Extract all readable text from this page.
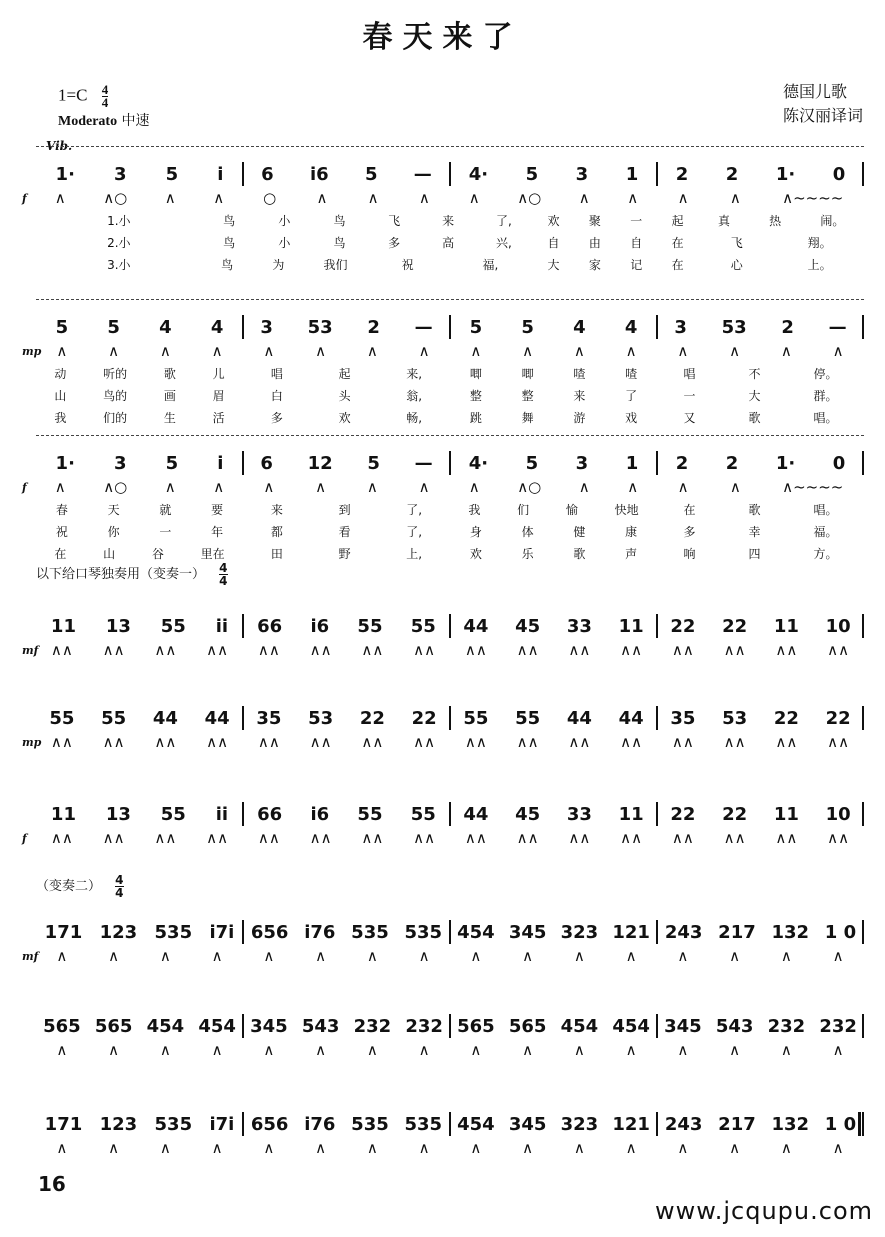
春天来了
$1=C \frac{4}{4}$
Moderato 中速
德国儿歌
陈汉丽译词
Vib.
1· 3 5 i 6 i6 5 — 4· 5 3 1 2 2 1· 0
∧ ∧○ ∧ ∧	○	∧	∧	∧	∧ ∧○ ∧ ∧	∧	∧	∧~~~~
f
1.小	鸟	小	鸟	飞	来	了,	欢 聚 一 起	真	热	闹。
2.小	鸟	小	鸟	多	高	兴,	自 由 自 在	飞	翔。
3.小	鸟	为	我们	祝	福,	大 家 记 在	心	上。
5 5 4 4 3 53 2 — 5 5 4 4 3 53 2 —
∧	∧	∧	∧	∧	∧	∧	∧	∧	∧	∧	∧	∧	∧	∧	∧
mp
动	听的	歌	儿	唱	起	来,	唧	唧	喳	喳	唱	不	停。
山	鸟的	画	眉	白	头	翁,	整	整	来	了	一	大	群。
我	们的	生	活	多	欢	畅,	跳	舞	游	戏	又	歌	唱。
1· 3 5 i 6 12 5 — 4· 5 3 1 2 2 1· 0
∧ ∧○ ∧ ∧	∧	∧	∧	∧	∧ ∧○ ∧ ∧	∧	∧	∧~~~~
f
春	天	就	要	来	到	了,	我	们	愉	快地	在	歌	唱。
祝	你	一	年	都	看	了,	身	体	健	康	多	幸	福。
在	山	谷	里在	田	野	上,	欢	乐	歌	声	响	四	方。
11 13 55 ii 66 i6 55 55 44 45 33 11 22 22 11 10
∧∧ ∧∧ ∧∧ ∧∧ ∧∧ ∧∧ ∧∧ ∧∧ ∧∧ ∧∧ ∧∧ ∧∧ ∧∧ ∧∧ ∧∧ ∧∧
mf
55 55 44 44 35 53 22 22 55 55 44 44 35 53 22 22
∧∧ ∧∧ ∧∧ ∧∧ ∧∧ ∧∧ ∧∧ ∧∧ ∧∧ ∧∧ ∧∧ ∧∧ ∧∧ ∧∧ ∧∧ ∧∧
mp
11 13 55 ii 66 i6 55 55 44 45 33 11 22 22 11 10
∧∧ ∧∧ ∧∧ ∧∧ ∧∧ ∧∧ ∧∧ ∧∧ ∧∧ ∧∧ ∧∧ ∧∧ ∧∧ ∧∧ ∧∧ ∧∧
f
171 123 535 i7i 656 i76 535 535 454 345 323 121 243 217 132 1 0
∧	∧	∧	∧	∧	∧	∧	∧	∧	∧	∧	∧	∧	∧	∧	∧
mf
565 565 454 454 345 543 232 232 565 565 454 454 345 543 232 232
∧	∧	∧	∧	∧	∧	∧	∧	∧	∧	∧	∧	∧	∧	∧	∧
171 123 535 i7i 656 i76 535 535 454 345 323 121 243 217 132 1 0
∧	∧	∧	∧	∧	∧	∧	∧	∧	∧	∧	∧	∧	∧	∧	∧
以下给口琴独奏用（变奏一） $\frac{4}{4}$
（变奏二） $\frac{4}{4}$
16
www.jcqupu.com
